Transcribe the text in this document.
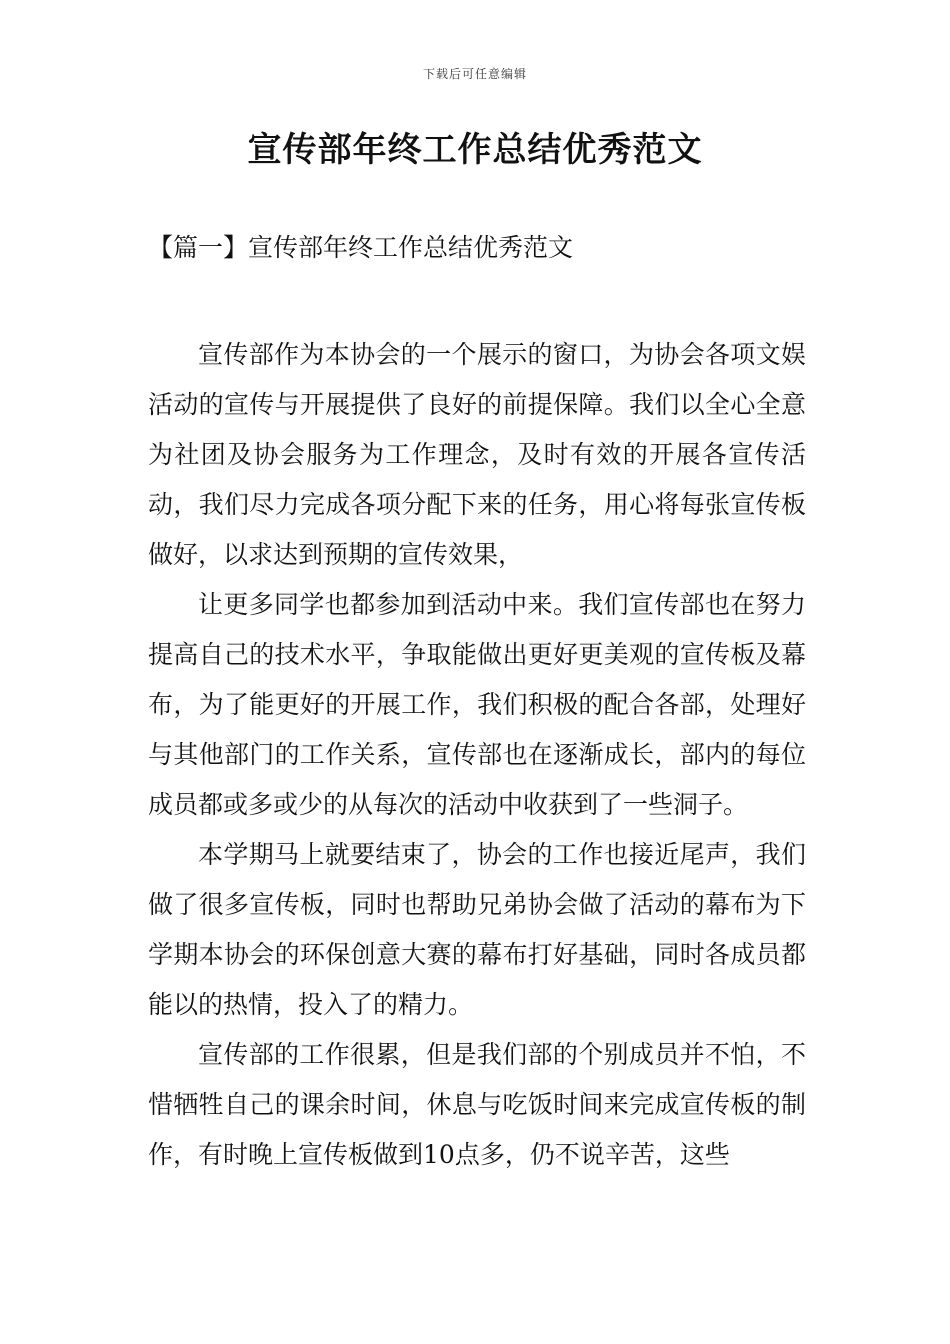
下载后可任意编辑
宣传部年终工作总结优秀范文
【篇一】宣传部年终工作总结优秀范文

宣传部作为本协会的一个展示的窗口，为协会各项文娱活动的宣传与开展提供了良好的前提保障。我们以全心全意为社团及协会服务为工作理念，及时有效的开展各宣传活动，我们尽力完成各项分配下来的任务，用心将每张宣传板做好，以求达到预期的宣传效果，

让更多同学也都参加到活动中来。我们宣传部也在努力提高自己的技术水平，争取能做出更好更美观的宣传板及幕布，为了能更好的开展工作，我们积极的配合各部，处理好与其他部门的工作关系，宣传部也在逐渐成长，部内的每位成员都或多或少的从每次的活动中收获到了一些洞子。

本学期马上就要结束了，协会的工作也接近尾声，我们做了很多宣传板，同时也帮助兄弟协会做了活动的幕布为下学期本协会的环保创意大赛的幕布打好基础，同时各成员都能以的热情，投入了的精力。

宣传部的工作很累，但是我们部的个别成员并不怕，不惜牺牲自己的课余时间，休息与吃饭时间来完成宣传板的制作，有时晚上宣传板做到10点多，仍不说辛苦，这些
